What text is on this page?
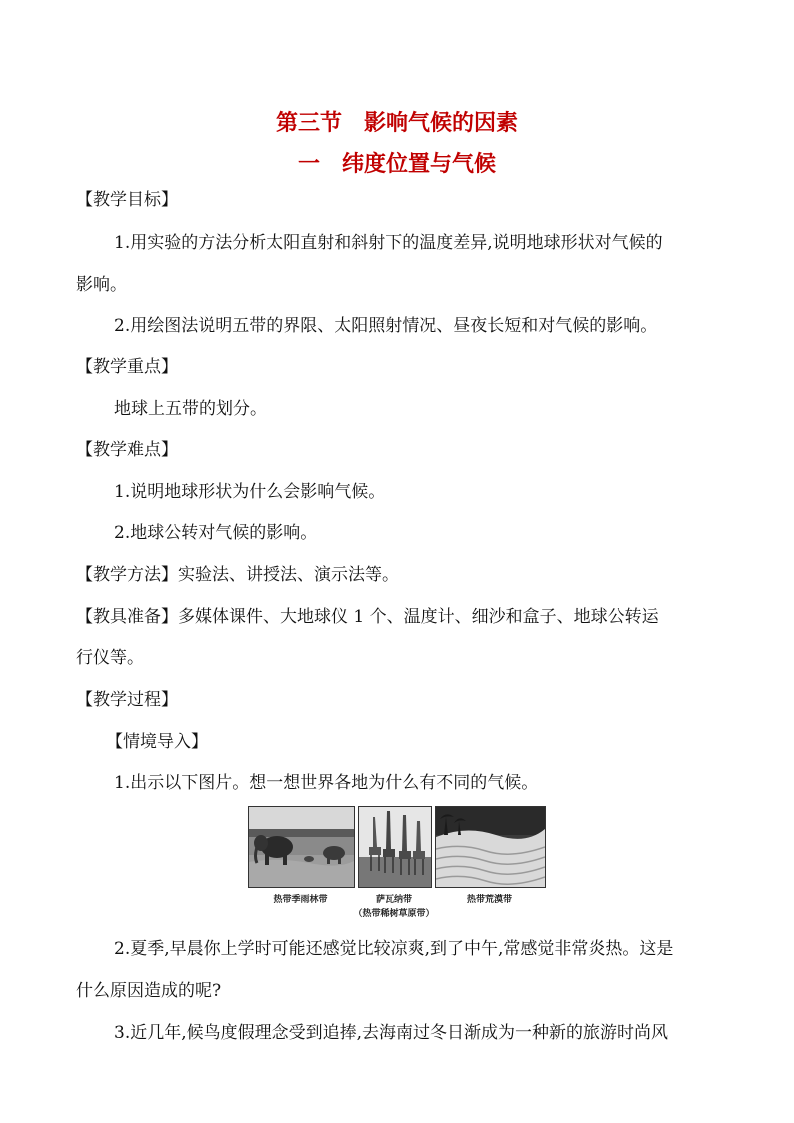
第三节　影响气候的因素
一　纬度位置与气候
【教学目标】
1.用实验的方法分析太阳直射和斜射下的温度差异,说明地球形状对气候的
影响。
2.用绘图法说明五带的界限、太阳照射情况、昼夜长短和对气候的影响。
【教学重点】
地球上五带的划分。
【教学难点】
1.说明地球形状为什么会影响气候。
2.地球公转对气候的影响。
【教学方法】实验法、讲授法、演示法等。
【教具准备】多媒体课件、大地球仪 1 个、温度计、细沙和盒子、地球公转运
行仪等。
【教学过程】
【情境导入】
1.出示以下图片。想一想世界各地为什么有不同的气候。
热带季雨林带	萨瓦纳带
（热带稀树草原带）
热带荒漠带
2.夏季,早晨你上学时可能还感觉比较凉爽,到了中午,常感觉非常炎热。这是
什么原因造成的呢?
3.近几年,候鸟度假理念受到追捧,去海南过冬日渐成为一种新的旅游时尚风
